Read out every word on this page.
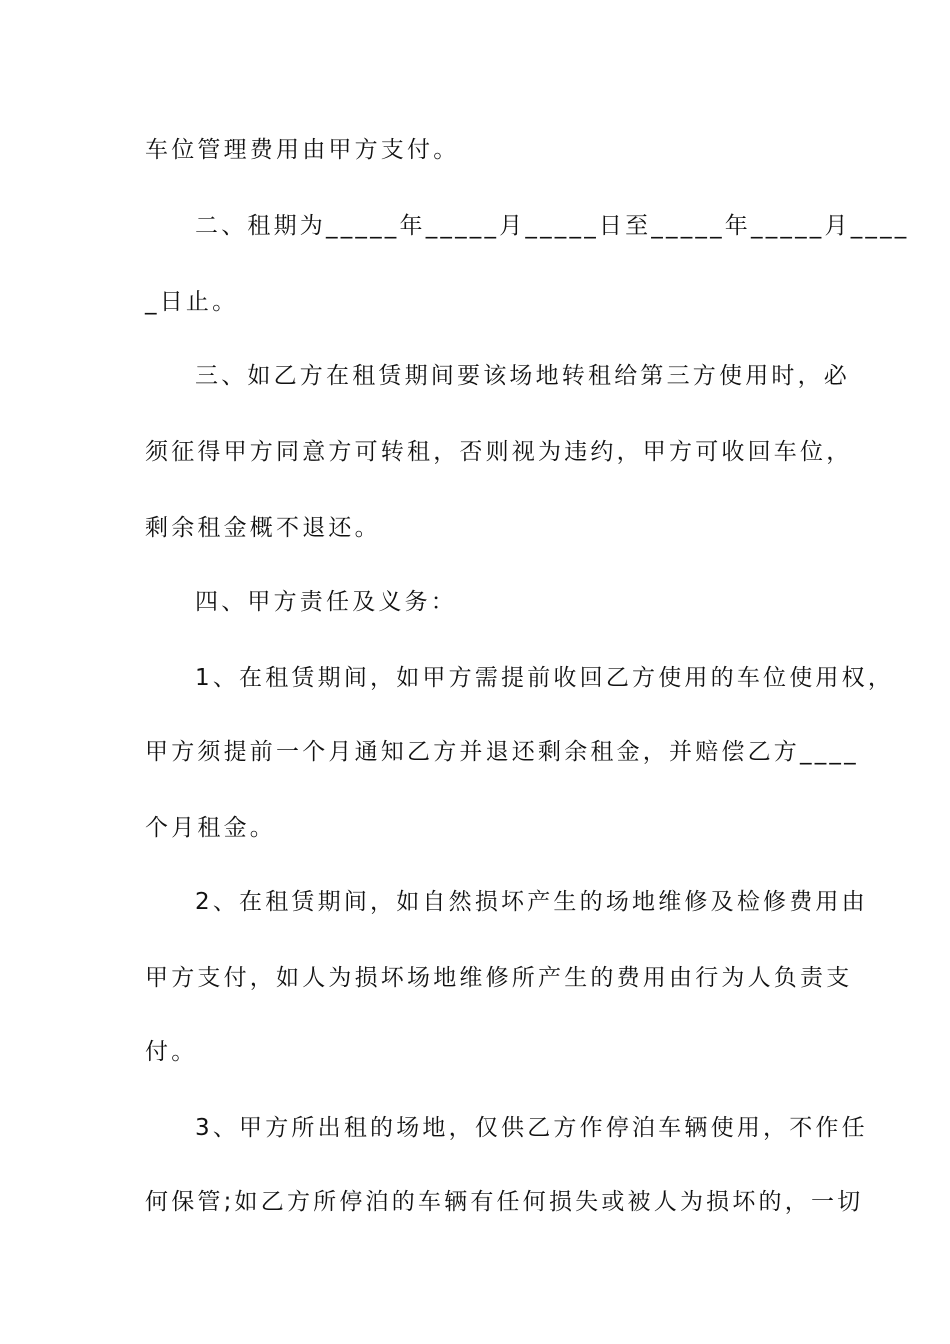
车位管理费用由甲方支付。
二、租期为_____年_____月_____日至_____年_____月____
_日止。
三、如乙方在租赁期间要该场地转租给第三方使用时，必
须征得甲方同意方可转租，否则视为违约，甲方可收回车位，
剩余租金概不退还。
四、甲方责任及义务：
1、在租赁期间，如甲方需提前收回乙方使用的车位使用权，
甲方须提前一个月通知乙方并退还剩余租金，并赔偿乙方____
个月租金。
2、在租赁期间，如自然损坏产生的场地维修及检修费用由
甲方支付，如人为损坏场地维修所产生的费用由行为人负责支
付。
3、甲方所出租的场地，仅供乙方作停泊车辆使用，不作任
何保管;如乙方所停泊的车辆有任何损失或被人为损坏的，一切
